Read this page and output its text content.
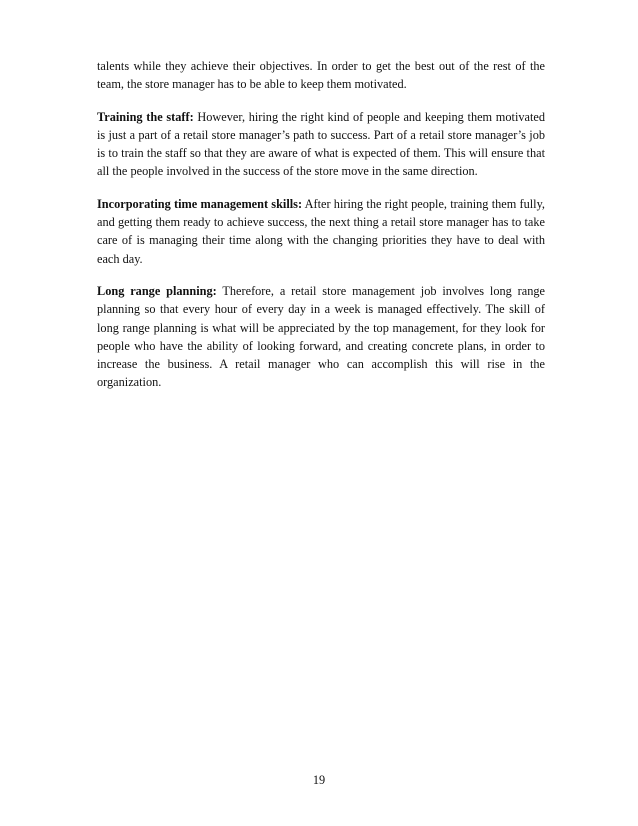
talents while they achieve their objectives. In order to get the best out of the rest of the team, the store manager has to be able to keep them motivated.

Training the staff: However, hiring the right kind of people and keeping them motivated is just a part of a retail store manager’s path to success. Part of a retail store manager’s job is to train the staff so that they are aware of what is expected of them. This will ensure that all the people involved in the success of the store move in the same direction.

Incorporating time management skills: After hiring the right people, training them fully, and getting them ready to achieve success, the next thing a retail store manager has to take care of is managing their time along with the changing priorities they have to deal with each day.

Long range planning: Therefore, a retail store management job involves long range planning so that every hour of every day in a week is managed effectively. The skill of long range planning is what will be appreciated by the top management, for they look for people who have the ability of looking forward, and creating concrete plans, in order to increase the business. A retail manager who can accomplish this will rise in the organization.

19
